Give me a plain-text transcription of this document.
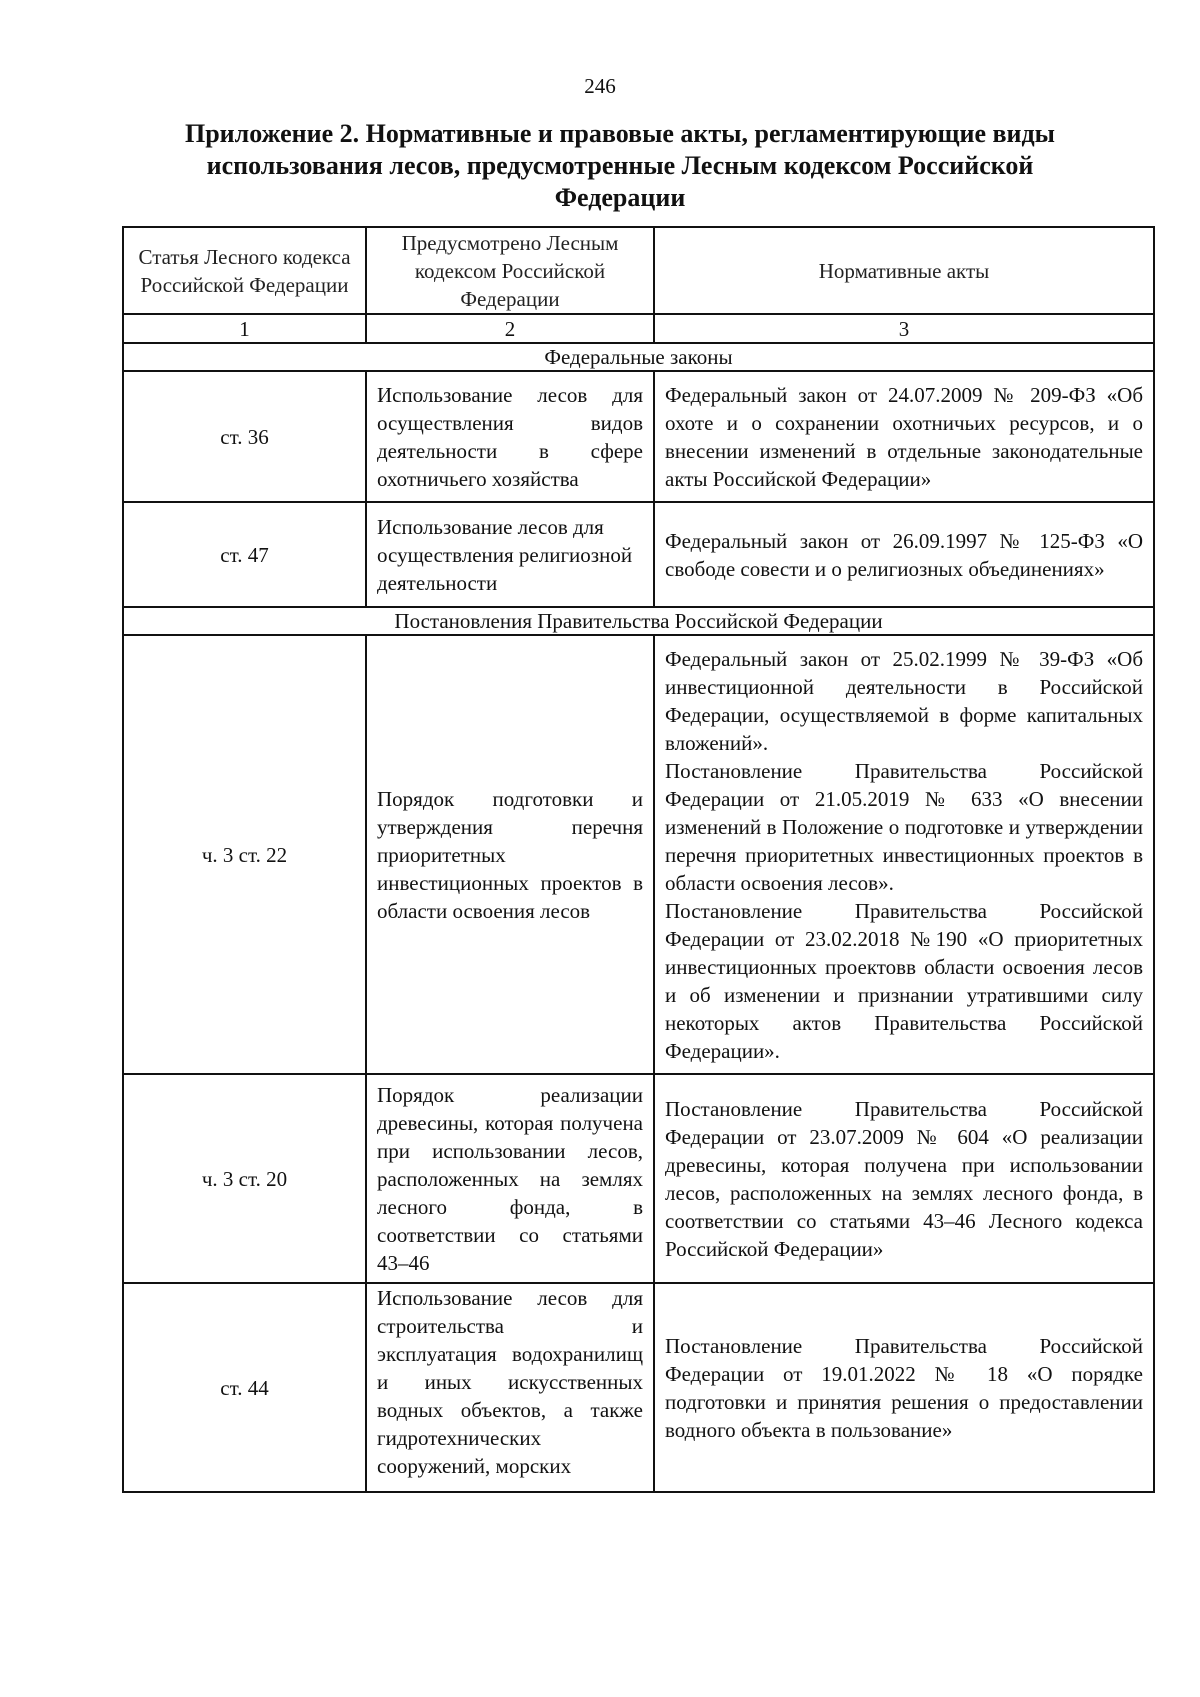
246
Приложение 2. Нормативные и правовые акты, регламентирующие виды
использования лесов, предусмотренные Лесным кодексом Российской
Федерации
Статья Лесного кодекса Российской Федерации	Предусмотрено Лесным кодексом Российской Федерации	Нормативные акты
1	2	3
Федеральные законы		
ст. 36	Использование лесов для осуществления видов деятельности в сфере охотничьего хозяйства	Федеральный закон от 24.07.2009 № 209-ФЗ «Об охоте и о сохранении охотничьих ресурсов, и о внесении изменений в отдельные законодательные акты Российской Федерации»
ст. 47	Использование лесов для осуществления религиозной деятельности	Федеральный закон от 26.09.1997 № 125-ФЗ «О свободе совести и о религиозных объединениях»
Постановления Правительства Российской Федерации		
ч. 3 ст. 22	Порядок подготовки и утверждения перечня приоритетных инвестиционных проектов в области освоения лесов	Федеральный закон от 25.02.1999 № 39-ФЗ «Об инвестиционной деятельности в Российской Федерации, осуществляемой в форме капитальных вложений».
Постановление Правительства Российской Федерации от 21.05.2019 № 633 «О внесении изменений в Положение о подготовке и утверждении перечня приоритетных инвестиционных проектов в области освоения лесов».
Постановление Правительства Российской Федерации от 23.02.2018 №190 «О приоритетных инвестиционных проектовв области освоения лесов и об изменении и признании утратившими силу некоторых актов Правительства Российской Федерации».

ч. 3 ст. 20	Порядок реализации древесины, которая получена при использовании лесов, расположенных на землях лесного фонда, в соответствии со статьями 43–46	Постановление Правительства Российской Федерации от 23.07.2009 № 604 «О реализации древесины, которая получена при использовании лесов, расположенных на землях лесного фонда, в соответствии со статьями 43–46 Лесного кодекса Российской Федерации»
ст. 44	Использование лесов для строительства и эксплуатация водохранилищ и иных искусственных водных объектов, а также гидротехнических сооружений, морских	Постановление Правительства Российской Федерации от 19.01.2022 № 18 «О порядке подготовки и принятия решения о предоставлении водного объекта в пользование»
